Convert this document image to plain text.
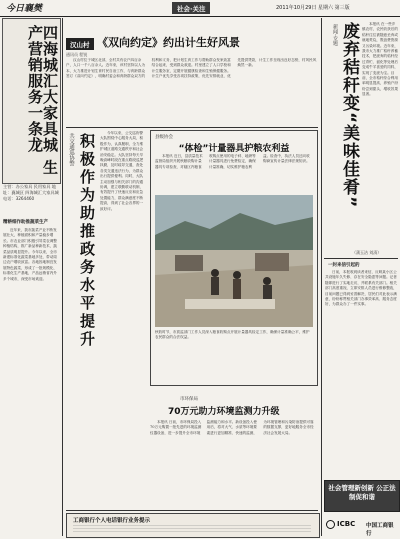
今日襄樊	社会·关注	2011年10月29日 星期六 第三版
四海城汇大家具城 生产营销服务一条龙
主营：办公家具 民用家具 地址：襄城区 四海城汇大家具城 电话：3264460
精耕细作助推蔬菜生产

近年来，我市蔬菜产业不断发展壮大，种植面积和产量稳步增长。市农业部门积极引导菜农调整种植结构，推广新品种新技术，蔬菜品质明显提升。今年以来，全市新建标准化蔬菜基地多处，带动周边农户增收致富。各地因地制宜发展特色蔬菜，形成了一批规模化、标准化生产基地，产品远销省内外多个城市，深受市场欢迎。

汉山村 《双向约定》约出计生好风景
通讯员 程锐

汉山村位于城区北部，全村共有农户四百余户，人口一千八百余人。近年来，该村坚持以人为本，大力推进计划生育村民自治工作，与育龄群众签订《双向约定》，明确村委会和育龄群众双方的权利和义务，把计划生育工作与帮助群众发家致富结合起来，受到群众欢迎。村里建立了人口学校和计生服务室，定期开展健康检查和生殖保健服务。计生户优先享受各项扶持政策，优先安排就业，优先提供贷款，计生工作呈现出良好态势，村风民风焕然一新。

共交通巡协警 积极作为助推政务水平提升	今年以来，公交巡协警大队围绕中心服务大局，积极作为，认真履职，全力维护城区道路交通秩序和社会治安稳定。大队坚持每天早晚高峰时段在重点路段巡逻执勤，及时疏导交通，查处各类交通违法行为，为群众出行提供便利。同时，大队主动加强与相关部门的沟通协调，建立联勤联动机制，有效提升了快速反应和应急处置能力，群众满意度不断提高，得到了社会各界的一致好评。

县级协会
“体检”计量器具护粮农利益

本报讯 近日，县质量技术监督局组织开展秋粮收购计量器具专项检查，对辖区内粮食收购点使用的电子秤、地磅等计量器具进行免费检定，确保计量准确，切实维护粮农利益。检查中，执法人员还向收购商宣传计量法律法规知识。

秋收时节，市质监部门工作人员深入粮食收购点开展计量器具检定工作，确保计量准确公平，维护农民群众的合法权益。
市环保局
70万元助力环境监测力升级

本报讯 日前，市环保局投入70万元购置一批先进的环境监测仪器设备，进一步提升全市环境监测能力和水平。新设备投入使用后，将对大气、水质等环境要素进行更加精准、快速的监测，为环境管理和污染防治提供可靠的数据支撑，更好地服务全市经济社会发展大局。

工商银行个人电话银行业务提示
新闻·专题 废弃秸秆变“美味佳肴”	本报讯 在一些乡镇农村，农民收获后的秸秆往往被随意丢弃或就地焚烧，既浪费资源又污染环境。近年来，我市大力推广秸秆养畜技术，把废弃的秸秆经过青贮、氨化等处理后变成牛羊喜爱的饲料，实现了变废为宝。目前，全市秸秆综合利用率明显提高，养殖户纷纷尝到甜头，增收效果显著。

（蒲玉洁 刘清）
一封来信引起的

日前，本报收到读者来信，反映某小区公共设施年久失修、存在安全隐患等问题。记者随即进行了实地走访，并联系有关部门。相关部门高度重视，立即安排人员进行维修整改，目前问题已得到妥善解决，居民们对此表示满意，纷纷称赞相关部门办事效率高、服务态度好，为群众办了一件实事。

社会管理新创新 公正法制促和谐
ICBC 中国工商银行
